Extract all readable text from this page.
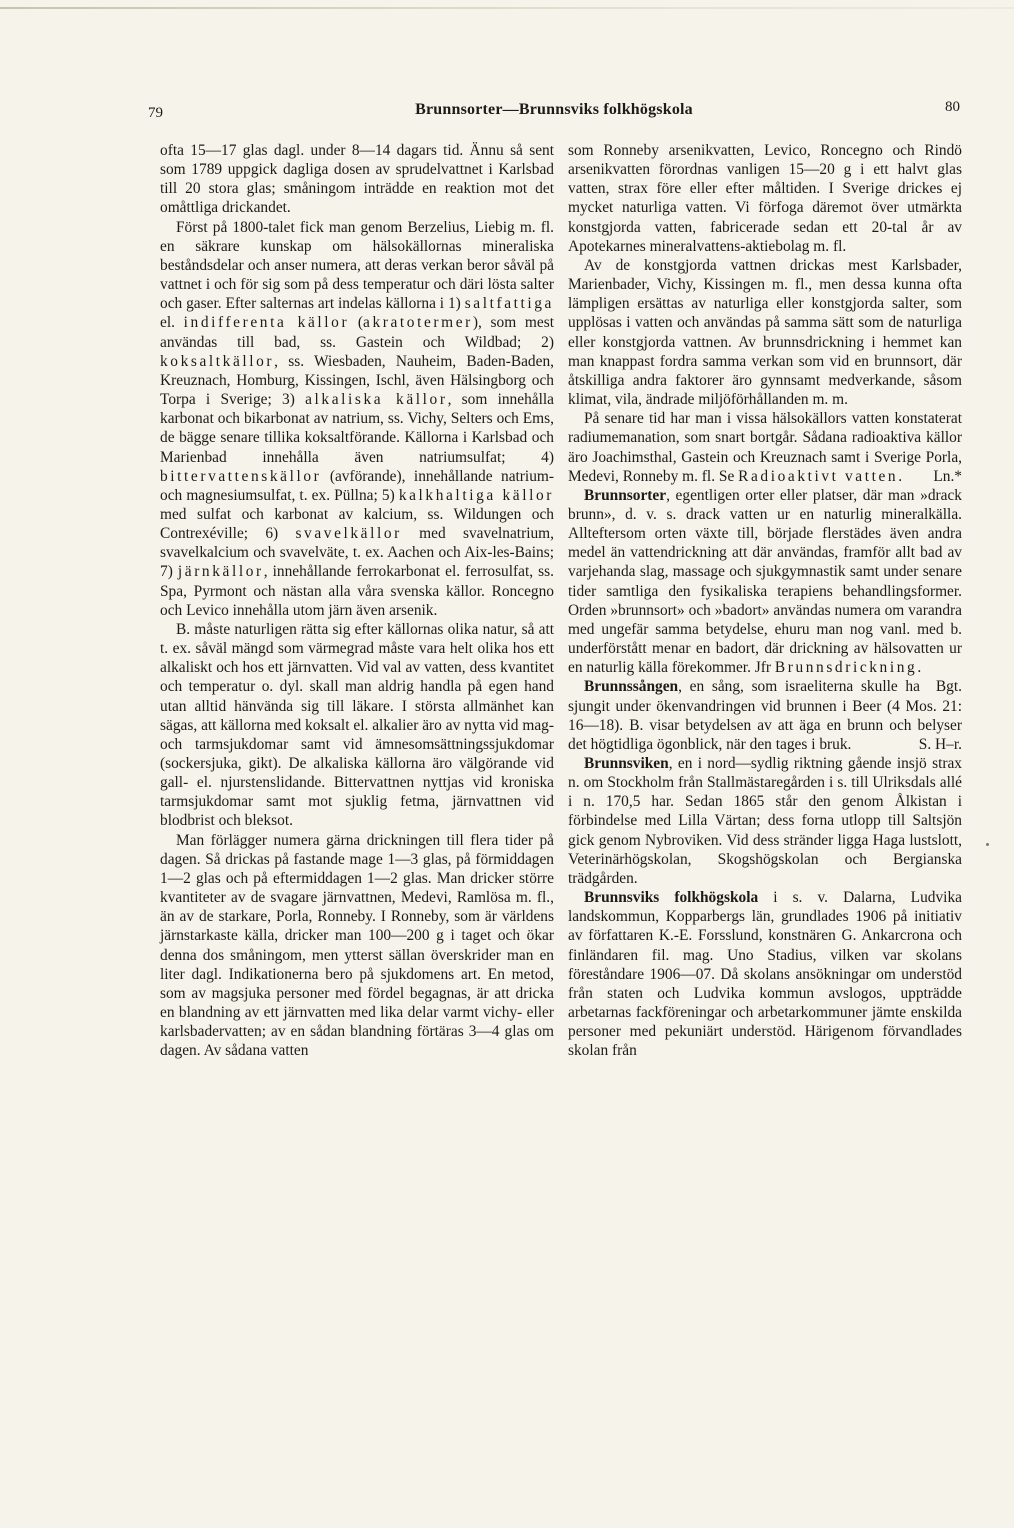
79	Brunnsorter—Brunnsviks folkhögskola	80

ofta 15—17 glas dagl. under 8—14 dagars tid. Ännu så sent som 1789 uppgick dagliga dosen av sprudelvattnet i Karlsbad till 20 stora glas; småningom inträdde en reaktion mot det omåttliga drickandet.

Först på 1800-talet fick man genom Berzelius, Liebig m. fl. en säkrare kunskap om hälsokällornas mineraliska beståndsdelar och anser numera, att deras verkan beror såväl på vattnet i och för sig som på dess temperatur och däri lösta salter och gaser. Efter salternas art indelas källorna i 1) saltfattiga el. indifferenta källor (akratotermer), som mest användas till bad, ss. Gastein och Wildbad; 2) koksaltkällor, ss. Wiesbaden, Nauheim, Baden-Baden, Kreuznach, Homburg, Kissingen, Ischl, även Hälsingborg och Torpa i Sverige; 3) alkaliska källor, som innehålla karbonat och bikarbonat av natrium, ss. Vichy, Selters och Ems, de bägge senare tillika koksaltförande. Källorna i Karlsbad och Marienbad innehålla även natriumsulfat; 4) bittervattenskällor (avförande), innehållande natrium- och magnesiumsulfat, t. ex. Püllna; 5) kalkhaltiga källor med sulfat och karbonat av kalcium, ss. Wildungen och Contrexéville; 6) svavelkällor med svavelnatrium, svavelkalcium och svavelväte, t. ex. Aachen och Aix-les-Bains; 7) järnkällor, innehållande ferrokarbonat el. ferrosulfat, ss. Spa, Pyrmont och nästan alla våra svenska källor. Roncegno och Levico innehålla utom järn även arsenik.

B. måste naturligen rätta sig efter källornas olika natur, så att t. ex. såväl mängd som värmegrad måste vara helt olika hos ett alkaliskt och hos ett järnvatten. Vid val av vatten, dess kvantitet och temperatur o. dyl. skall man aldrig handla på egen hand utan alltid hänvända sig till läkare. I största allmänhet kan sägas, att källorna med koksalt el. alkalier äro av nytta vid mag- och tarmsjukdomar samt vid ämnesomsättningssjukdomar (sockersjuka, gikt). De alkaliska källorna äro välgörande vid gall- el. njurstenslidande. Bittervattnen nyttjas vid kroniska tarmsjukdomar samt mot sjuklig fetma, järnvattnen vid blodbrist och bleksot.

Man förlägger numera gärna drickningen till flera tider på dagen. Så drickas på fastande mage 1—3 glas, på förmiddagen 1—2 glas och på eftermiddagen 1—2 glas. Man dricker större kvantiteter av de svagare järnvattnen, Medevi, Ramlösa m. fl., än av de starkare, Porla, Ronneby. I Ronneby, som är världens järnstarkaste källa, dricker man 100—200 g i taget och ökar denna dos småningom, men ytterst sällan överskrider man en liter dagl. Indikationerna bero på sjukdomens art. En metod, som av magsjuka personer med fördel begagnas, är att dricka en blandning av ett järnvatten med lika delar varmt vichy- eller karlsbadervatten; av en sådan blandning förtäras 3—4 glas om dagen. Av sådana vatten

som Ronneby arsenikvatten, Levico, Roncegno och Rindö arsenikvatten förordnas vanligen 15—20 g i ett halvt glas vatten, strax före eller efter måltiden. I Sverige drickes ej mycket naturliga vatten. Vi förfoga däremot över utmärkta konstgjorda vatten, fabricerade sedan ett 20-tal år av Apotekarnes mineralvattens-aktiebolag m. fl.

Av de konstgjorda vattnen drickas mest Karlsbader, Marienbader, Vichy, Kissingen m. fl., men dessa kunna ofta lämpligen ersättas av naturliga eller konstgjorda salter, som upplösas i vatten och användas på samma sätt som de naturliga eller konstgjorda vattnen. Av brunnsdrickning i hemmet kan man knappast fordra samma verkan som vid en brunnsort, där åtskilliga andra faktorer äro gynnsamt medverkande, såsom klimat, vila, ändrade miljöförhållanden m. m.

På senare tid har man i vissa hälsokällors vatten konstaterat radiumemanation, som snart bortgår. Sådana radioaktiva källor äro Joachimsthal, Gastein och Kreuznach samt i Sverige Porla, Medevi, Ronneby m. fl. Se Radioaktivt vatten.	Ln.*

Brunnsorter, egentligen orter eller platser, där man »drack brunn», d. v. s. drack vatten ur en naturlig mineralkälla. Allteftersom orten växte till, började flerstädes även andra medel än vattendrickning att där användas, framför allt bad av varjehanda slag, massage och sjukgymnastik samt under senare tider samtliga den fysikaliska terapiens behandlingsformer. Orden »brunnsort» och »badort» användas numera om varandra med ungefär samma betydelse, ehuru man nog vanl. med b. underförstått menar en badort, där drickning av hälsovatten ur en naturlig källa förekommer. Jfr Brunnsdrickning.
Bgt.

Brunnssången, en sång, som israeliterna skulle ha sjungit under ökenvandringen vid brunnen i Beer (4 Mos. 21: 16—18). B. visar betydelsen av att äga en brunn och belyser det högtidliga ögonblick, när den tages i bruk.	S. H–r.

Brunnsviken, en i nord—sydlig riktning gående insjö strax n. om Stockholm från Stallmästaregården i s. till Ulriksdals allé i n. 170,5 har. Sedan 1865 står den genom Ålkistan i förbindelse med Lilla Värtan; dess forna utlopp till Saltsjön gick genom Nybroviken. Vid dess stränder ligga Haga lustslott, Veterinärhögskolan, Skogshögskolan och Bergianska trädgården.

Brunnsviks folkhögskola i s. v. Dalarna, Ludvika landskommun, Kopparbergs län, grundlades 1906 på initiativ av författaren K.-E. Forsslund, konstnären G. Ankarcrona och finländaren fil. mag. Uno Stadius, vilken var skolans föreståndare 1906—07. Då skolans ansökningar om understöd från staten och Ludvika kommun avslogos, uppträdde arbetarnas fackföreningar och arbetarkommuner jämte enskilda personer med pekuniärt understöd. Härigenom förvandlades skolan från
